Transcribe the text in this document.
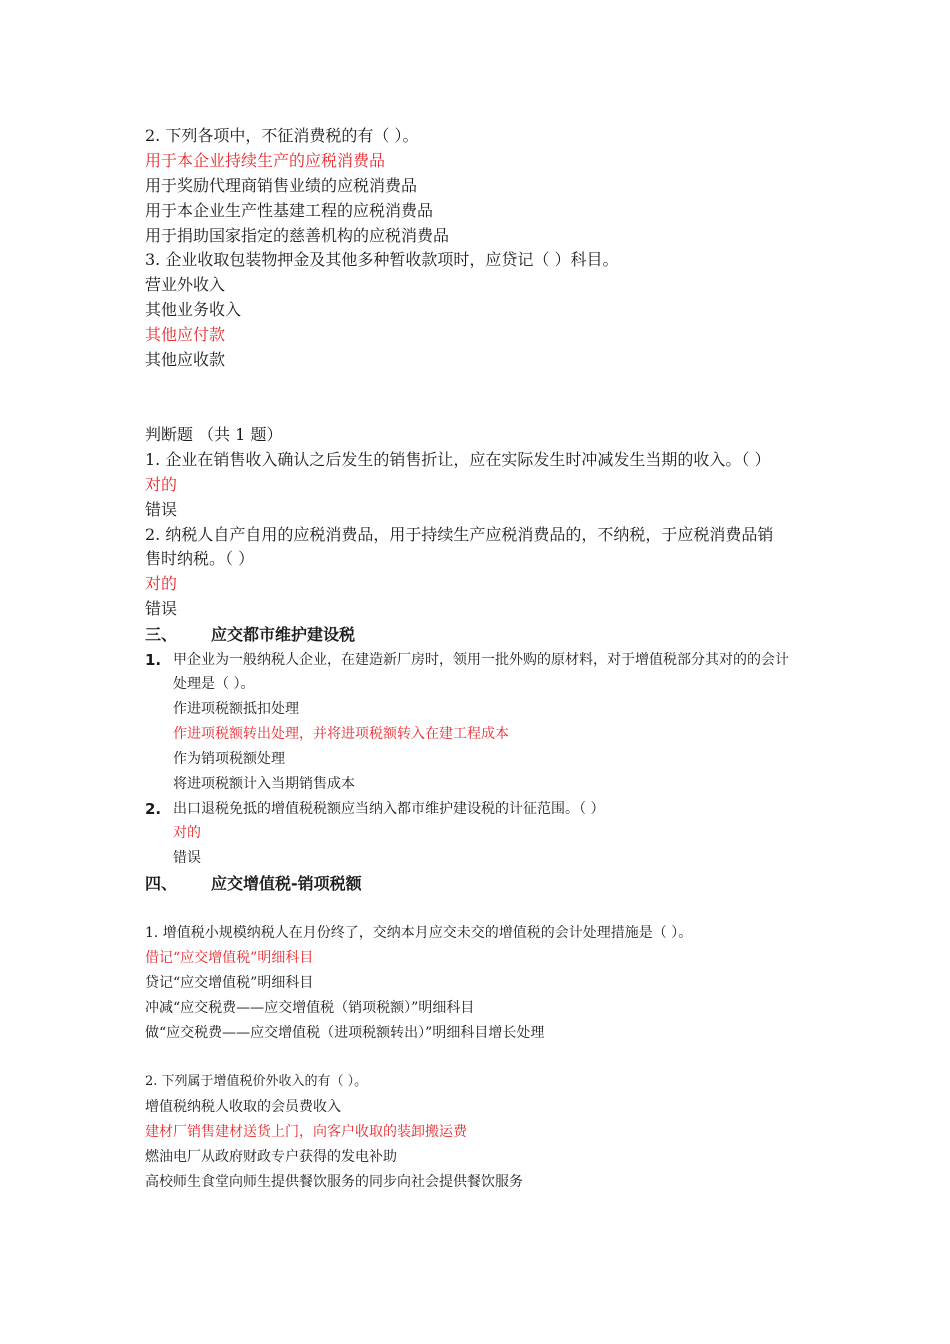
2. 下列各项中，不征消费税的有（ ）。
用于本企业持续生产的应税消费品
用于奖励代理商销售业绩的应税消费品
用于本企业生产性基建工程的应税消费品
用于捐助国家指定的慈善机构的应税消费品
3. 企业收取包装物押金及其他多种暂收款项时，应贷记（ ）科目。
营业外收入
其他业务收入
其他应付款
其他应收款
判断题 （共 1 题）
1. 企业在销售收入确认之后发生的销售折让，应在实际发生时冲减发生当期的收入。（ ）
对的
错误
2. 纳税人自产自用的应税消费品，用于持续生产应税消费品的，不纳税，于应税消费品销
售时纳税。（ ）
对的
错误
三、 应交都市维护建设税
1. 甲企业为一般纳税人企业，在建造新厂房时，领用一批外购的原材料，对于增值税部分其对的的会计
处理是（ ）。
作进项税额抵扣处理
作进项税额转出处理，并将进项税额转入在建工程成本
作为销项税额处理
将进项税额计入当期销售成本
2. 出口退税免抵的增值税税额应当纳入都市维护建设税的计征范围。（ ）
对的
错误
四、 应交增值税-销项税额
1. 增值税小规模纳税人在月份终了，交纳本月应交未交的增值税的会计处理措施是（ ）。
借记“应交增值税”明细科目
贷记“应交增值税”明细科目
冲减“应交税费——应交增值税（销项税额）”明细科目
做“应交税费——应交增值税（进项税额转出）”明细科目增长处理
2. 下列属于增值税价外收入的有（ ）。
增值税纳税人收取的会员费收入
建材厂销售建材送货上门，向客户收取的装卸搬运费
燃油电厂从政府财政专户获得的发电补助
高校师生食堂向师生提供餐饮服务的同步向社会提供餐饮服务
